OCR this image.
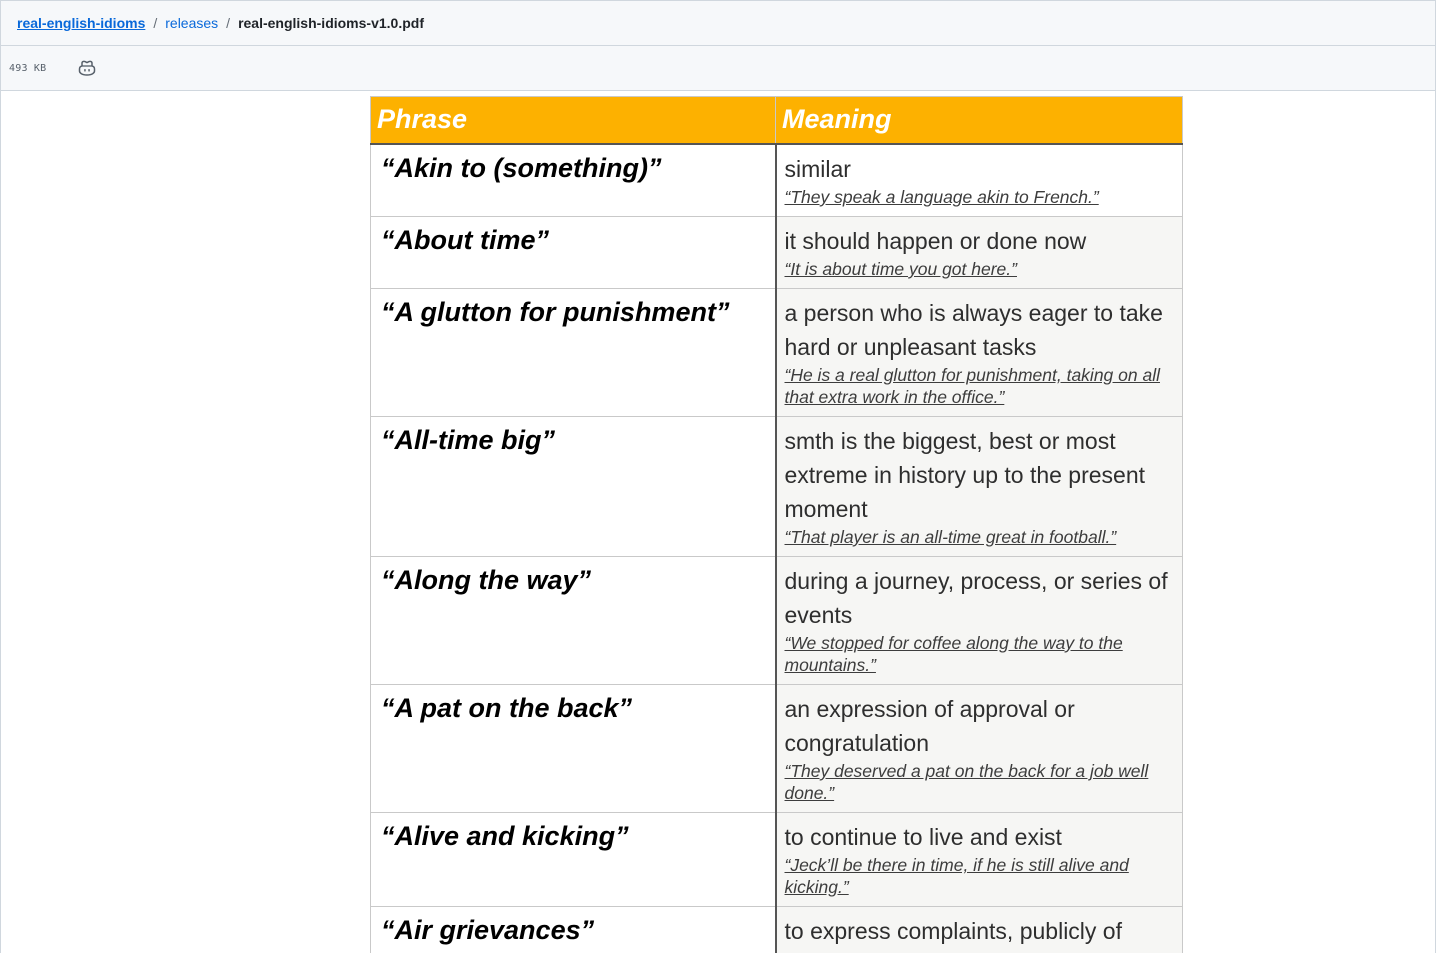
real-english-idioms / releases / real-english-idioms-v1.0.pdf
493 KB
Phrase	Meaning
“Akin to (something)”	similar
“They speak a language akin to French.”

“About time”	it should happen or done now
“It is about time you got here.”

“A glutton for punishment”	a person who is always eager to take hard or unpleasant tasks
“He is a real glutton for punishment, taking on all that extra work in the office.”

“All-time big”	smth is the biggest, best or most extreme in history up to the present moment
“That player is an all-time great in football.”

“Along the way”	during a journey, process, or series of events
“We stopped for coffee along the way to the mountains.”

“A pat on the back”	an expression of approval or congratulation
“They deserved a pat on the back for a job well done.”

“Alive and kicking”	to continue to live and exist
“Jeck’ll be there in time, if he is still alive and kicking.”

“Air grievances”	to express complaints, publicly of
